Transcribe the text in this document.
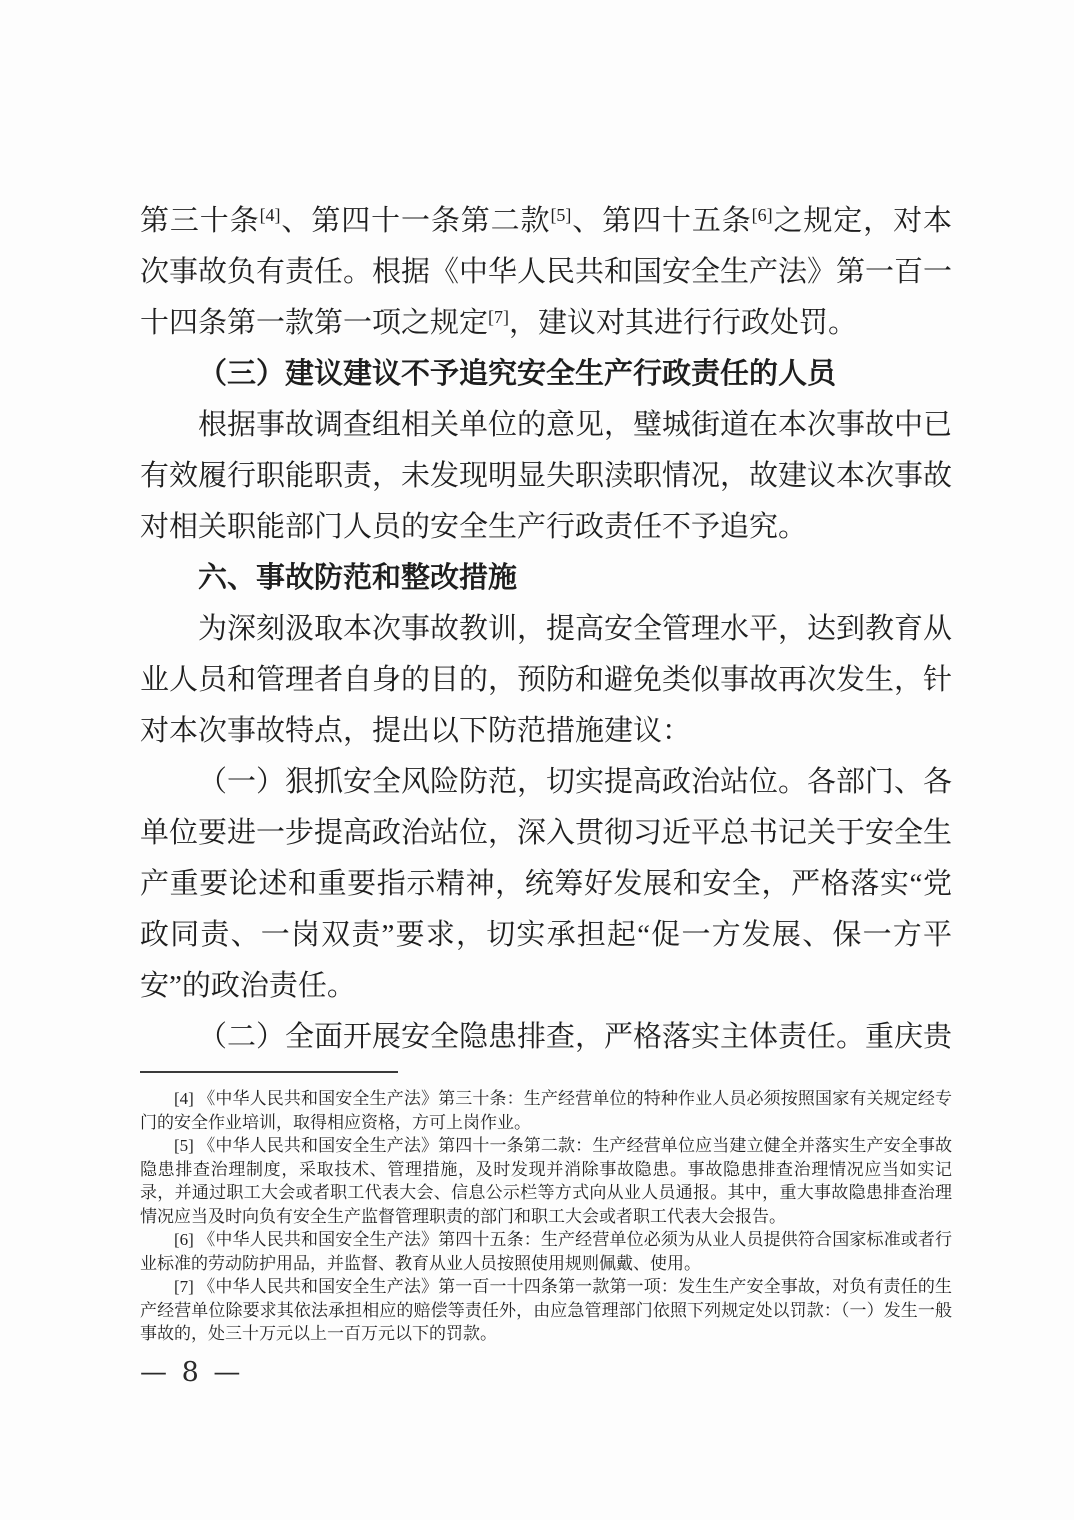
第三十条[4]、第四十一条第二款[5]、第四十五条[6]之规定，对本次事故负有责任。根据《中华人民共和国安全生产法》第一百一十四条第一款第一项之规定[7]，建议对其进行行政处罚。

（三）建议建议不予追究安全生产行政责任的人员

根据事故调查组相关单位的意见，璧城街道在本次事故中已有效履行职能职责，未发现明显失职渎职情况，故建议本次事故对相关职能部门人员的安全生产行政责任不予追究。

六、事故防范和整改措施

为深刻汲取本次事故教训，提高安全管理水平，达到教育从业人员和管理者自身的目的，预防和避免类似事故再次发生，针对本次事故特点，提出以下防范措施建议：

（一）狠抓安全风险防范，切实提高政治站位。各部门、各单位要进一步提高政治站位，深入贯彻习近平总书记关于安全生产重要论述和重要指示精神，统筹好发展和安全，严格落实“党政同责、一岗双责”要求，切实承担起“促一方发展、保一方平安”的政治责任。

（二）全面开展安全隐患排查，严格落实主体责任。重庆贵

[4] 《中华人民共和国安全生产法》第三十条：生产经营单位的特种作业人员必须按照国家有关规定经专门的安全作业培训，取得相应资格，方可上岗作业。

[5] 《中华人民共和国安全生产法》第四十一条第二款：生产经营单位应当建立健全并落实生产安全事故隐患排查治理制度，采取技术、管理措施，及时发现并消除事故隐患。事故隐患排查治理情况应当如实记录，并通过职工大会或者职工代表大会、信息公示栏等方式向从业人员通报。其中，重大事故隐患排查治理情况应当及时向负有安全生产监督管理职责的部门和职工大会或者职工代表大会报告。

[6] 《中华人民共和国安全生产法》第四十五条：生产经营单位必须为从业人员提供符合国家标准或者行业标准的劳动防护用品，并监督、教育从业人员按照使用规则佩戴、使用。

[7] 《中华人民共和国安全生产法》第一百一十四条第一款第一项：发生生产安全事故，对负有责任的生产经营单位除要求其依法承担相应的赔偿等责任外，由应急管理部门依照下列规定处以罚款：（一）发生一般事故的，处三十万元以上一百万元以下的罚款。

— 8 —
